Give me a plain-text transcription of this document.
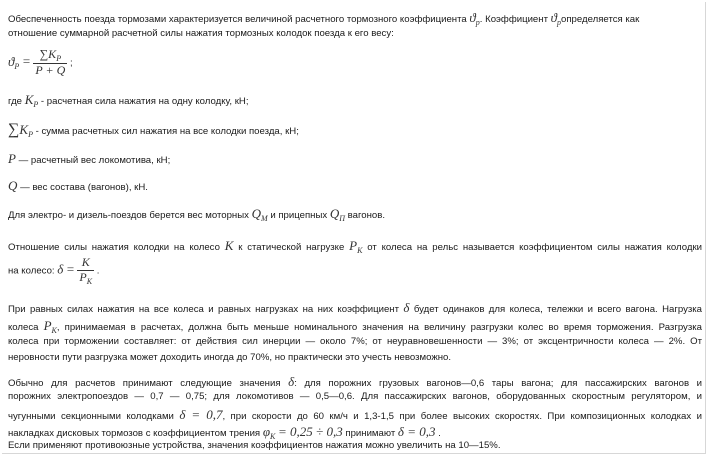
Обеспеченность поезда тормозами характеризуется величиной расчетного тормозного коэффициента $ϑ_p$. Коэффициент $ϑ_pопределяется$ как
отношение суммарной расчетной силы нажатия тормозных колодок поезда к его весу:
$ϑ_P = \frac{\sum K_P}{P + Q}$ ;
где $K_P$ - расчетная сила нажатия на одну колодку, кН;
$\sum K_P$ - сумма расчетных сил нажатия на все колодки поезда, кН;
P — расчетный вес локомотива, кН;
Q — вес состава (вагонов), кН.
Для электро- и дизель-поездов берется вес моторных $Q_M$ и прицепных $Q_П$ вагонов.
Отношение силы нажатия колодки на колесо K к статической нагрузке $P_K$ от колеса на рельс называется коэффициентом силы нажатия колодки
на колесо: $\delta = \frac{K}{P_K}$ .
При равных силах нажатия на все колеса и равных нагрузках на них коэффициент δ будет одинаков для колеса, тележки и всего вагона. Нагрузка
колеса $P_K$, принимаемая в расчетах, должна быть меньше номинального значения на величину разгрузки колес во время торможения. Разгрузка
колеса при торможении составляет: от действия сил инерции — около 7%; от неуравновешенности — 3%; от эксцентричности колеса — 2%. От
неровности пути разгрузка может доходить иногда до 70%, но практически это учесть невозможно.
Обычно для расчетов принимают следующие значения δ: для порожних грузовых вагонов—0,6 тары вагона; для пассажирских вагонов и
порожних электропоездов — 0,7 — 0,75; для локомотивов — 0,5—0,6. Для пассажирских вагонов, оборудованных скоростным регулятором, и
чугунными секционными колодками δ = 0,7, при скорости до 60 км/ч и 1,3-1,5 при более высоких скоростях. При композиционных колодках и
накладках дисковых тормозов с коэффициентом трения $\varphi_K = 0,25 \div 0,3$ принимают δ = 0,3 .
Если применяют противоюзные устройства, значения коэффициентов нажатия можно увеличить на 10—15%.
